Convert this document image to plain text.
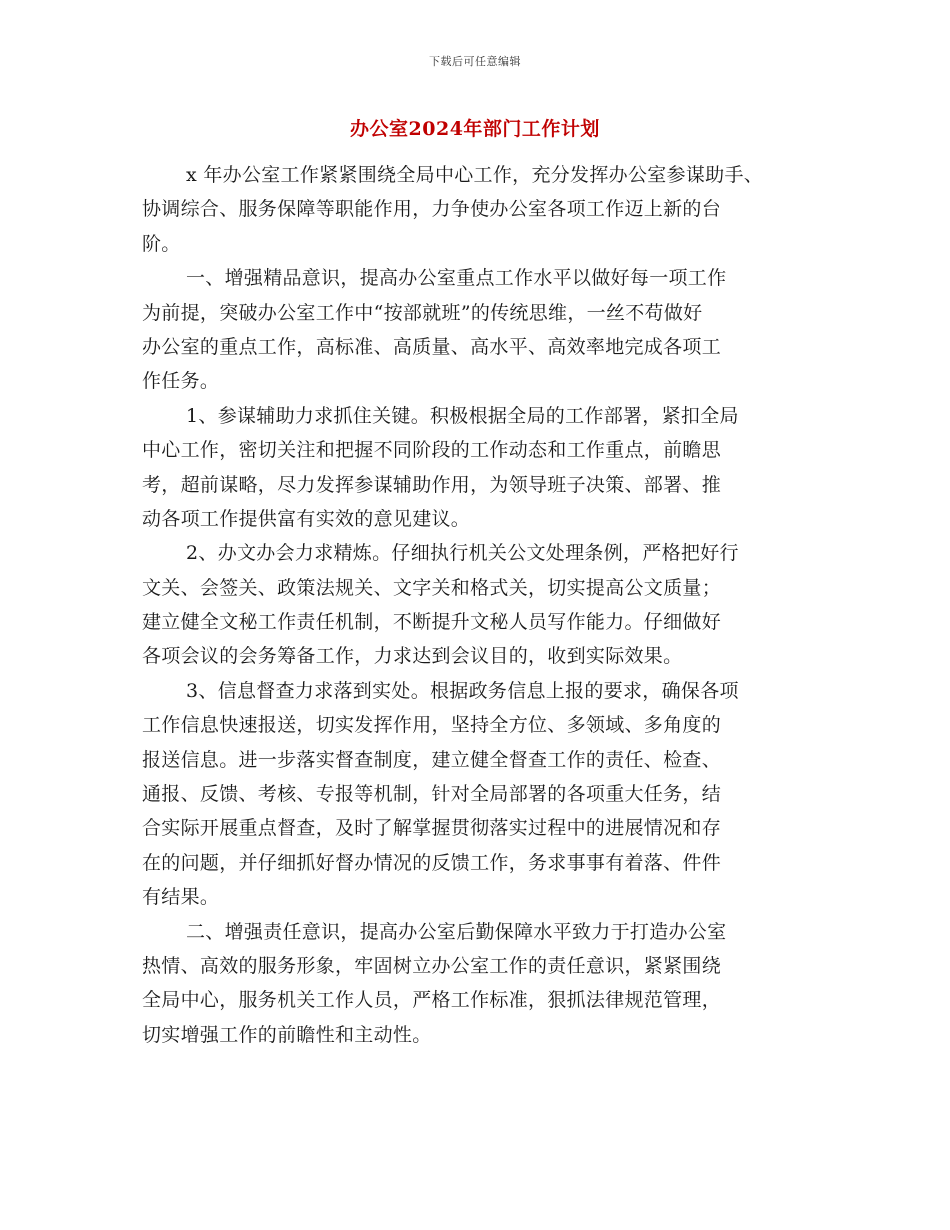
下载后可任意编辑
办公室2024年部门工作计划
x 年办公室工作紧紧围绕全局中心工作，充分发挥办公室参谋助手、
协调综合、服务保障等职能作用，力争使办公室各项工作迈上新的台
阶。
一、增强精品意识，提高办公室重点工作水平以做好每一项工作
为前提，突破办公室工作中“按部就班”的传统思维，一丝不苟做好
办公室的重点工作，高标准、高质量、高水平、高效率地完成各项工
作任务。
1、参谋辅助力求抓住关键。积极根据全局的工作部署，紧扣全局
中心工作，密切关注和把握不同阶段的工作动态和工作重点，前瞻思
考，超前谋略，尽力发挥参谋辅助作用，为领导班子决策、部署、推
动各项工作提供富有实效的意见建议。
2、办文办会力求精炼。仔细执行机关公文处理条例，严格把好行
文关、会签关、政策法规关、文字关和格式关，切实提高公文质量；
建立健全文秘工作责任机制，不断提升文秘人员写作能力。仔细做好
各项会议的会务筹备工作，力求达到会议目的，收到实际效果。
3、信息督查力求落到实处。根据政务信息上报的要求，确保各项
工作信息快速报送，切实发挥作用，坚持全方位、多领域、多角度的
报送信息。进一步落实督查制度，建立健全督查工作的责任、检查、
通报、反馈、考核、专报等机制，针对全局部署的各项重大任务，结
合实际开展重点督查，及时了解掌握贯彻落实过程中的进展情况和存
在的问题，并仔细抓好督办情况的反馈工作，务求事事有着落、件件
有结果。
二、增强责任意识，提高办公室后勤保障水平致力于打造办公室
热情、高效的服务形象，牢固树立办公室工作的责任意识，紧紧围绕
全局中心，服务机关工作人员，严格工作标准，狠抓法律规范管理，
切实增强工作的前瞻性和主动性。
